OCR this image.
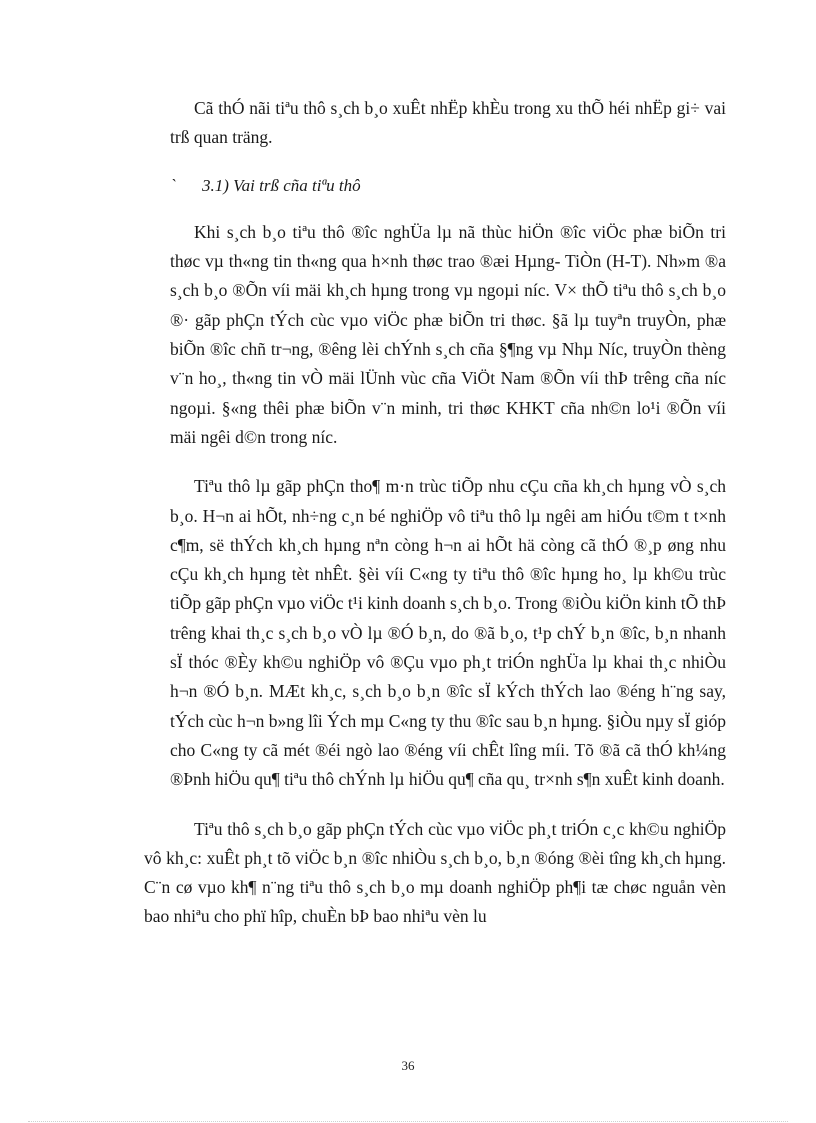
Cã thÓ nãi tiªu thô s¸ch b¸o xuÊt nhËp khÈu trong xu thÕ héi nhËp gi÷ vai trß quan träng.

` 3.1) Vai trß cña tiªu thô

Khi s¸ch b¸o tiªu thô ®îc nghÜa lµ nã thùc hiÖn ®îc viÖc phæ biÕn tri thøc vµ th«ng tin th«ng qua h×nh thøc trao ®æi Hµng- TiÒn (H-T). Nh»m ®a s¸ch b¸o ®Õn víi mäi kh¸ch hµng trong vµ ngoµi níc. V× thÕ tiªu thô s¸ch b¸o ®· gãp phÇn tÝch cùc vµo viÖc phæ biÕn tri thøc. §ã lµ tuyªn truyÒn, phæ biÕn ®îc chñ tr¬ng, ®êng lèi chÝnh s¸ch cña §¶ng vµ Nhµ Níc, truyÒn thèng v¨n ho¸, th«ng tin vÒ mäi lÜnh vùc cña ViÖt Nam ®Õn víi thÞ trêng cña níc ngoµi. §«ng thêi phæ biÕn v¨n minh, tri thøc KHKT cña nh©n lo¹i ®Õn víi mäi ngêi d©n trong níc.

Tiªu thô lµ gãp phÇn tho¶ m·n trùc tiÕp nhu cÇu cña kh¸ch hµng vÒ s¸ch b¸o. H¬n ai hÕt, nh÷ng c¸n bé nghiÖp vô tiªu thô lµ ngêi am hiÓu t©m t t×nh c¶m, së thÝch kh¸ch hµng nªn còng h¬n ai hÕt hä còng cã thÓ ®¸p øng nhu cÇu kh¸ch hµng tèt nhÊt. §èi víi C«ng ty tiªu thô ®îc hµng ho¸ lµ kh©u trùc tiÕp gãp phÇn vµo viÖc t¹i kinh doanh s¸ch b¸o. Trong ®iÒu kiÖn kinh tÕ thÞ trêng khai th¸c s¸ch b¸o vÒ lµ ®Ó b¸n, do ®ã b¸o, t¹p chÝ b¸n ®îc, b¸n nhanh sÏ thóc ®Èy kh©u nghiÖp vô ®Çu vµo ph¸t triÓn nghÜa lµ khai th¸c nhiÒu h¬n ®Ó b¸n. MÆt kh¸c, s¸ch b¸o b¸n ®îc sÏ kÝch thÝch lao ®éng h¨ng say, tÝch cùc h¬n b»ng lîi Ých mµ C«ng ty thu ®îc sau b¸n hµng. §iÒu nµy sÏ gióp cho C«ng ty cã mét ®éi ngò lao ®éng víi chÊt lîng míi. Tõ ®ã cã thÓ kh¼ng ®Þnh hiÖu qu¶ tiªu thô chÝnh lµ hiÖu qu¶ cña qu¸ tr×nh s¶n xuÊt kinh doanh.

Tiªu thô s¸ch b¸o gãp phÇn tÝch cùc vµo viÖc ph¸t triÓn c¸c kh©u nghiÖp vô kh¸c: xuÊt ph¸t tõ viÖc b¸n ®îc nhiÒu s¸ch b¸o, b¸n ®óng ®èi tîng kh¸ch hµng. C¨n cø vµo kh¶ n¨ng tiªu thô s¸ch b¸o mµ doanh nghiÖp ph¶i tæ chøc nguån vèn bao nhiªu cho phï hîp, chuÈn bÞ bao nhiªu vèn lu

36
